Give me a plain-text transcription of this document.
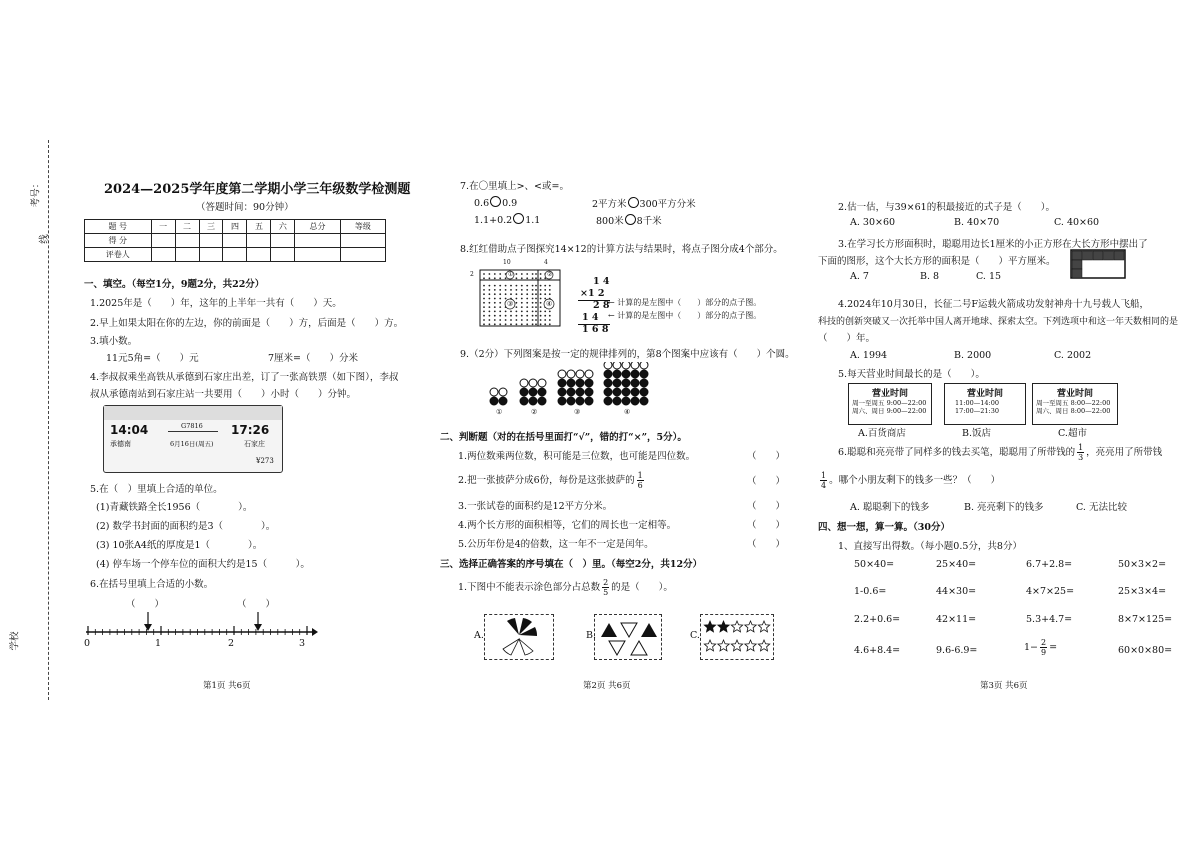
考号：
线
学校
2024—2025学年度第二学期小学三年级数学检测题
（答题时间：90分钟）
题 号	一	二	三	四	五	六	总分	等级
得 分								
评卷人								
一、填空。（每空1分，9题2分，共22分）
1.2025年是（　　）年，这年的上半年一共有（　　）天。
2.早上如果太阳在你的左边，你的前面是（　　）方，后面是（　　）方。
3.填小数。
11元5角=（　　）元	7厘米=（　　）分米
4.李叔叔乘坐高铁从承德到石家庄出差，订了一张高铁票（如下图），李叔
叔从承德南站到石家庄站一共要用（　　）小时（　　）分钟。
14:04	17:26
G7816
承德南	6月16日(周五)	石家庄
¥273
5.在（　）里填上合适的单位。
(1)青藏铁路全长1956（　　　　）。
(2) 数学书封面的面积约是3（　　　　）。
(3) 10张A4纸的厚度是1（　　　　）。
(4) 停车场一个停车位的面积大约是15（　　　）。
6.在括号里填上合适的小数。
（　　）	（　　）
0	1	2	3
第1页 共6页
7.在〇里填上>、<或=。
0.6 0.9	2平方米 300平方分米
1.1+0.2 1.1	800米 8千米
8.红红借助点子图探究14×12的计算方法与结果时，将点子图分成4个部分。
10	4
2	①	②
③	④
1 4
×1 2
2 8
1 4
1 6 8
← 计算的是左图中（　　）部分的点子图。
← 计算的是左图中（　　）部分的点子图。
9.（2分）下列图案是按一定的规律排列的，第8个图案中应该有（　　）个圆。
①	②	③	④
二、判断题（对的在括号里面打“√”，错的打“×”，5分）。
1.两位数乘两位数，积可能是三位数，也可能是四位数。	（　　）
2.把一张披萨分成6份，每份是这张披萨的 $\frac{1}{6}$	（　　）
3.一张试卷的面积约是12平方分米。	（　　）
4.两个长方形的面积相等，它们的周长也一定相等。	（　　）
5.公历年份是4的倍数，这一年不一定是闰年。	（　　）
三、选择正确答案的序号填在（　）里。（每空2分，共12分）
1.下图中不能表示涂色部分占总数 $\frac{2}{5}$ 的是（　　）。
A.	B.	C.
第2页 共6页
2.估一估，与39×61的积最接近的式子是（　　）。
A. 30×60	B. 40×70	C. 40×60
3.在学习长方形面积时，聪聪用边长1厘米的小正方形在大长方形中摆出了
下面的图形，这个大长方形的面积是（　　）平方厘米。
A. 7	B. 8	C. 15
4.2024年10月30日，长征二号F运载火箭成功发射神舟十九号载人飞船，
科技的创新突破又一次托举中国人离开地球、探索太空。下列选项中和这一年天数相同的是
（　　）年。
A. 1994	B. 2000	C. 2002
5.每天营业时间最长的是（　　）。
营业时间
周一至周五 9:00—22:00
周六、周日 9:00—22:00
营业时间
11:00—14:00
17:00—21:30
营业时间
周一至周五 8:00—22:00
周六、周日 8:00—22:00
A.百货商店	B.饭店	C.超市
6.聪聪和亮亮带了同样多的钱去买笔，聪聪用了所带钱的 $\frac{1}{3}$ ，亮亮用了所带钱
$\frac{1}{4}$ 。哪个小朋友剩下的钱多一些？（　　）
A. 聪聪剩下的钱多	B. 亮亮剩下的钱多	C. 无法比较
四、想一想，算一算。（30分）
1、直接写出得数。（每小题0.5分，共8分）
50×40=	25×40=	6.7+2.8=	50×3×2=
1-0.6=	44×30=	4×7×25=	25×3×4=
2.2+0.6=	42×11=	5.3+4.7=	8×7×125=
4.6+8.4=	9.6-6.9=	$1- \frac{2}{9}$ =	60×0×80=
第3页 共6页
